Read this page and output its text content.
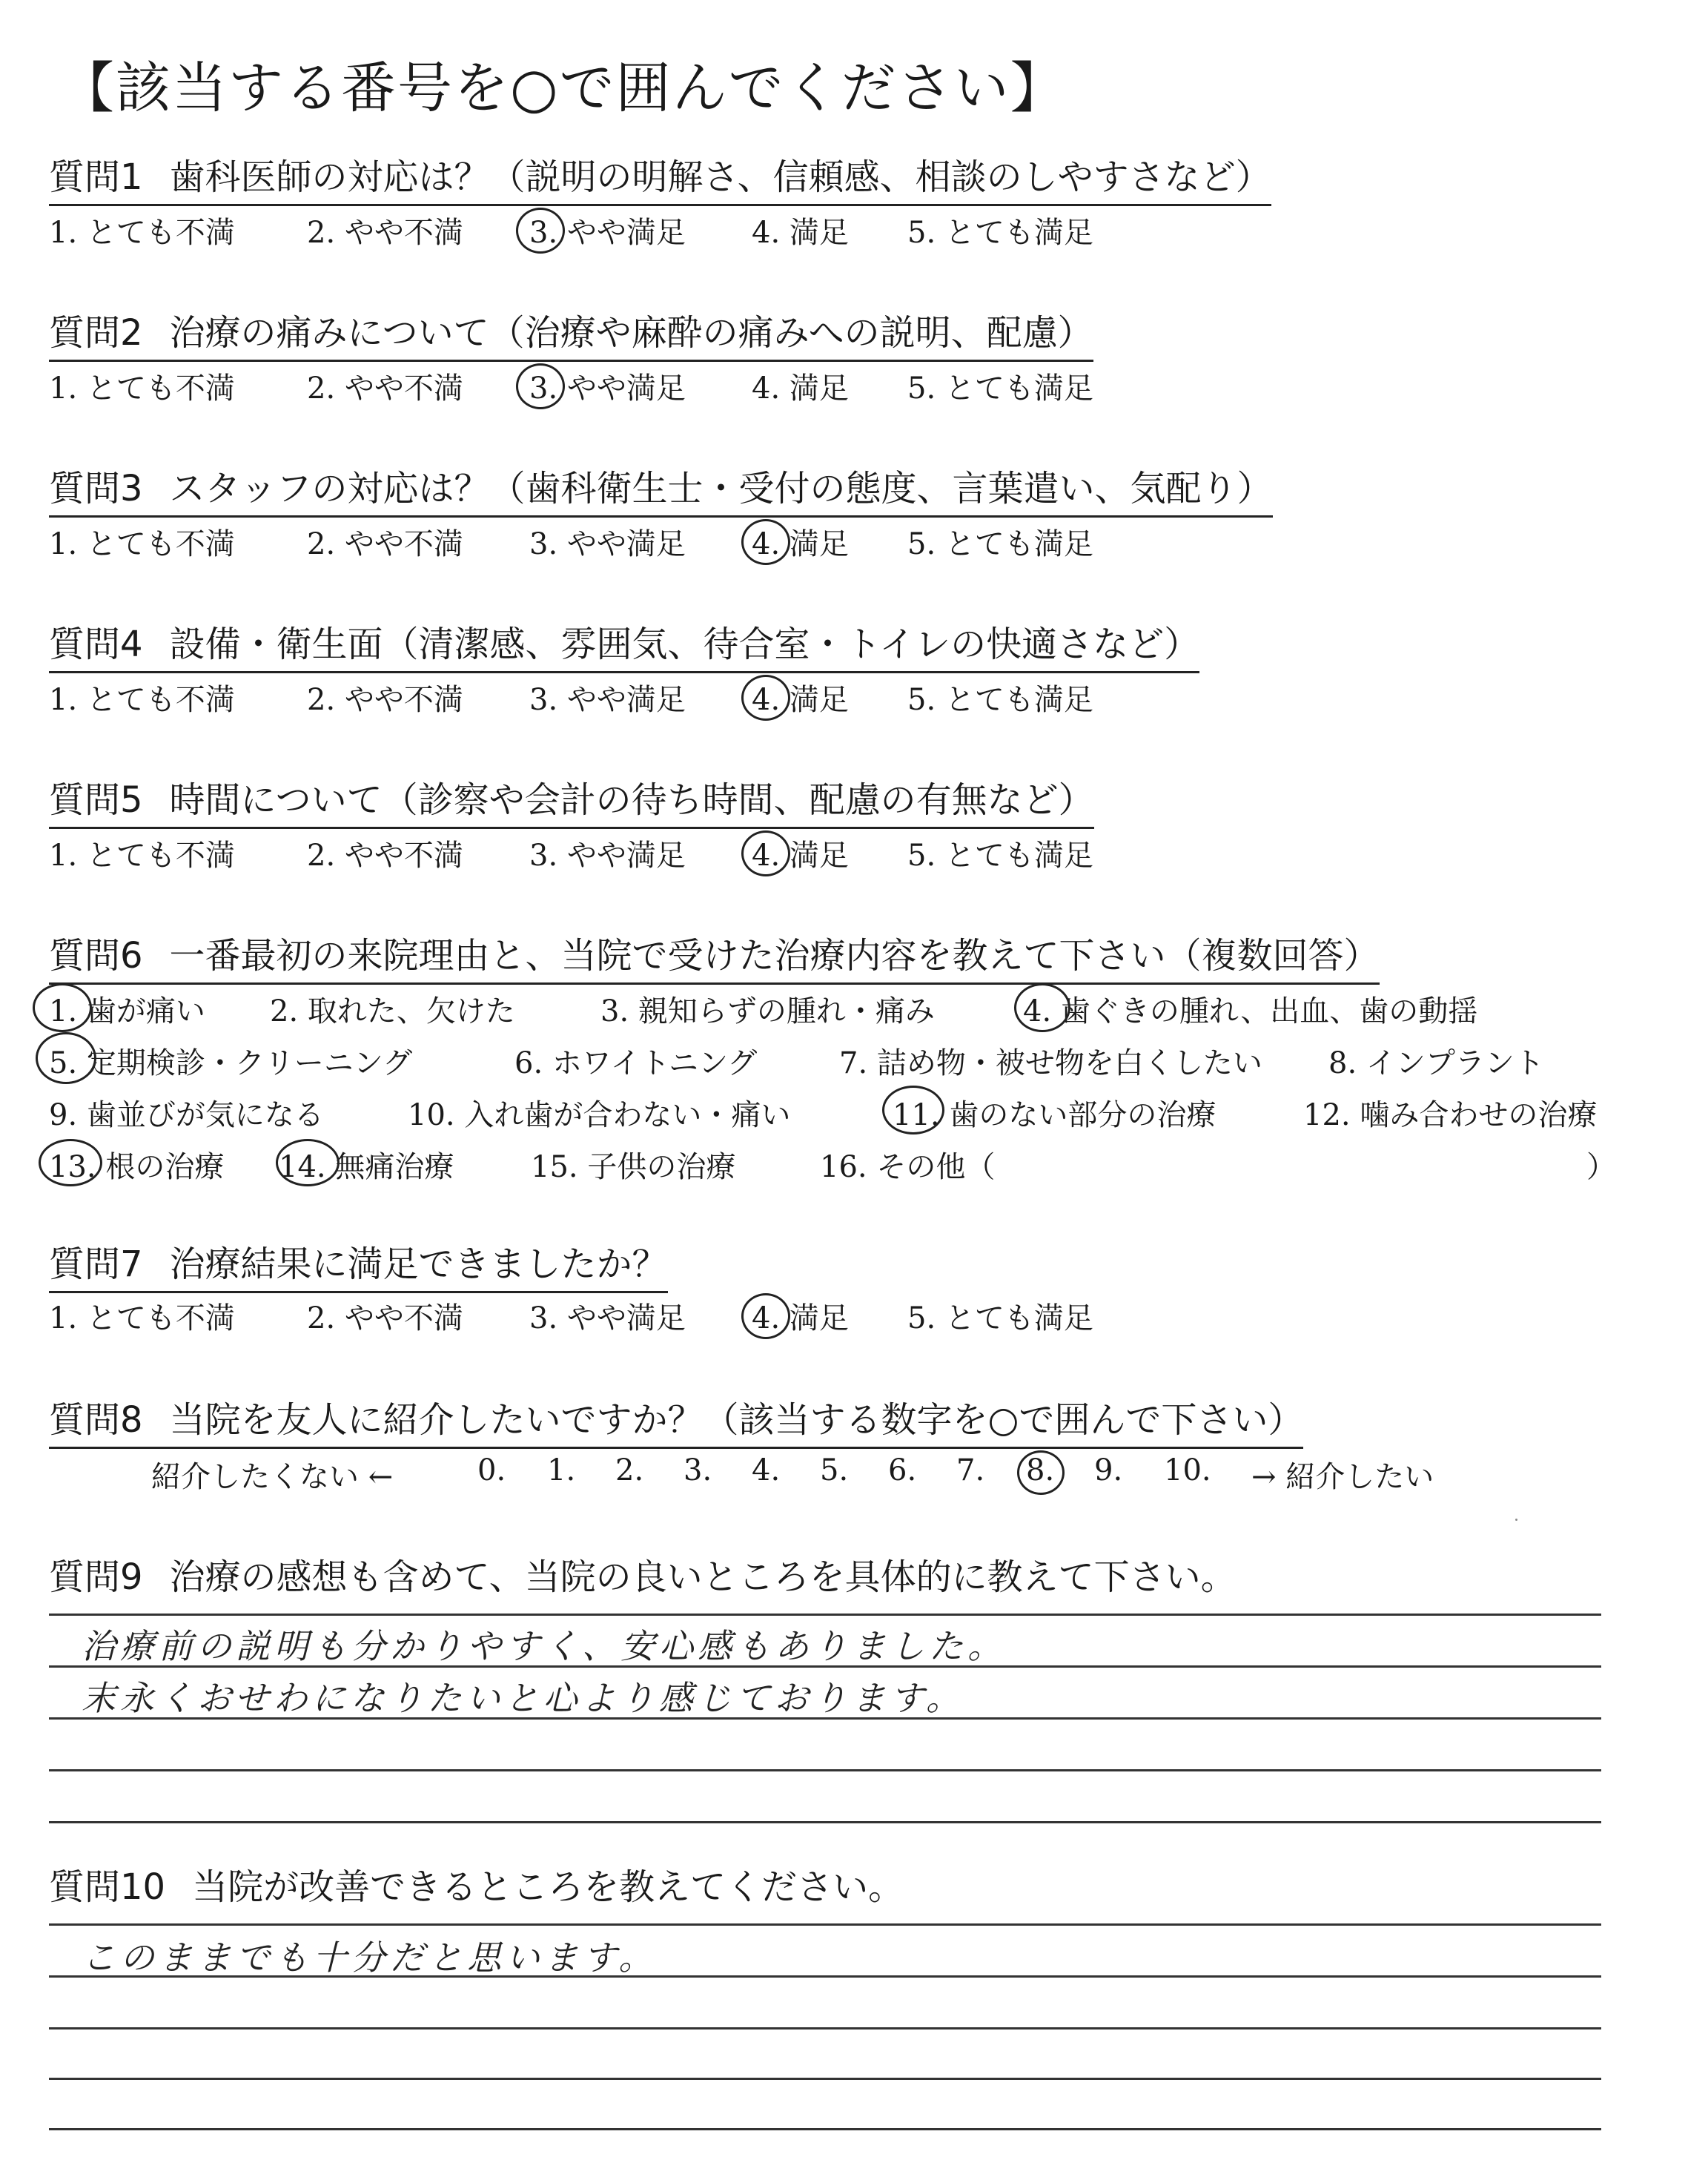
【該当する番号を○で囲んでください】
質問1 歯科医師の対応は？（説明の明解さ、信頼感、相談のしやすさなど）
1. とても不満 2. やや不満 3. やや満足 4. 満足 5. とても満足
質問2 治療の痛みについて（治療や麻酔の痛みへの説明、配慮）
1. とても不満 2. やや不満 3. やや満足 4. 満足 5. とても満足
質問3 スタッフの対応は？（歯科衛生士・受付の態度、言葉遣い、気配り）
1. とても不満 2. やや不満 3. やや満足 4. 満足 5. とても満足
質問4 設備・衛生面（清潔感、雰囲気、待合室・トイレの快適さなど）
1. とても不満 2. やや不満 3. やや満足 4. 満足 5. とても満足
質問5 時間について（診察や会計の待ち時間、配慮の有無など）
1. とても不満 2. やや不満 3. やや満足 4. 満足 5. とても満足
質問6 一番最初の来院理由と、当院で受けた治療内容を教えて下さい（複数回答）
1. 歯が痛い 2. 取れた、欠けた	3. 親知らずの腫れ・痛み	4. 歯ぐきの腫れ、出血、歯の動揺
5. 定期検診・クリーニング	6. ホワイトニング	7. 詰め物・被せ物を白くしたい 8. インプラント
9. 歯並びが気になる	10. 入れ歯が合わない・痛い	11. 歯のない部分の治療	12. 噛み合わせの治療
13. 根の治療 14. 無痛治療	15. 子供の治療	16. その他（	）
質問7 治療結果に満足できましたか？
1. とても不満 2. やや不満 3. やや満足 4. 満足 5. とても満足
質問8 当院を友人に紹介したいですか？（該当する数字を○で囲んで下さい）
紹介したくない ←	0. 1. 2. 3. 4. 5. 6. 7. 8. 9. 10. → 紹介したい
質問9 治療の感想も含めて、当院の良いところを具体的に教えて下さい。
治療前の説明も分かりやすく、安心感もありました。
末永くおせわになりたいと心より感じております。
質問10 当院が改善できるところを教えてください。
このままでも十分だと思います。
